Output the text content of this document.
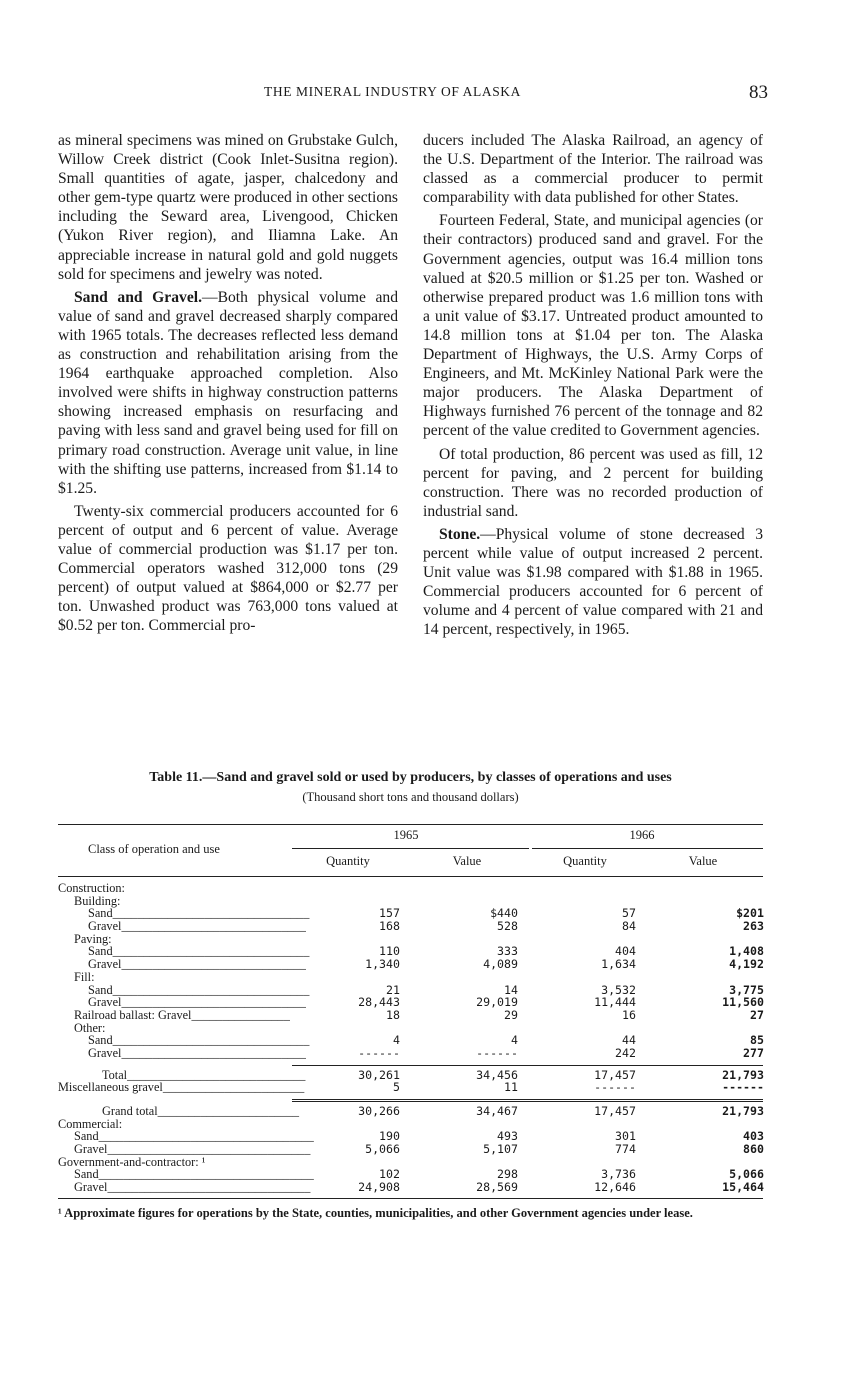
THE MINERAL INDUSTRY OF ALASKA	83

as mineral specimens was mined on Grubstake Gulch, Willow Creek district (Cook Inlet-Susitna region). Small quantities of agate, jasper, chalcedony and other gem-type quartz were produced in other sections including the Seward area, Livengood, Chicken (Yukon River region), and Iliamna Lake. An appreciable increase in natural gold and gold nuggets sold for specimens and jewelry was noted.

Sand and Gravel.—Both physical volume and value of sand and gravel decreased sharply compared with 1965 totals. The decreases reflected less demand as construction and rehabilitation arising from the 1964 earthquake approached completion. Also involved were shifts in highway construction patterns showing increased emphasis on resurfacing and paving with less sand and gravel being used for fill on primary road construction. Average unit value, in line with the shifting use patterns, increased from $1.14 to $1.25.

Twenty-six commercial producers accounted for 6 percent of output and 6 percent of value. Average value of commercial production was $1.17 per ton. Commercial operators washed 312,000 tons (29 percent) of output valued at $864,000 or $2.77 per ton. Unwashed product was 763,000 tons valued at $0.52 per ton. Commercial pro-

ducers included The Alaska Railroad, an agency of the U.S. Department of the Interior. The railroad was classed as a commercial producer to permit comparability with data published for other States.

Fourteen Federal, State, and municipal agencies (or their contractors) produced sand and gravel. For the Government agencies, output was 16.4 million tons valued at $20.5 million or $1.25 per ton. Washed or otherwise prepared product was 1.6 million tons with a unit value of $3.17. Untreated product amounted to 14.8 million tons at $1.04 per ton. The Alaska Department of Highways, the U.S. Army Corps of Engineers, and Mt. McKinley National Park were the major producers. The Alaska Department of Highways furnished 76 percent of the tonnage and 82 percent of the value credited to Government agencies.

Of total production, 86 percent was used as fill, 12 percent for paving, and 2 percent for building construction. There was no recorded production of industrial sand.

Stone.—Physical volume of stone decreased 3 percent while value of output increased 2 percent. Unit value was $1.98 compared with $1.88 in 1965. Commercial producers accounted for 6 percent of volume and 4 percent of value compared with 21 and 14 percent, respectively, in 1965.

Table 11.—Sand and gravel sold or used by producers, by classes of operations and uses
(Thousand short tons and thousand dollars)
Class of operation and use
1965	1966
Quantity	Value	Quantity	Value
Construction:
Building:
Sand________________________________	157	$440	57	$201
Gravel______________________________	168	528	84	263
Paving:
Sand________________________________	110	333	404	1,408
Gravel______________________________	1,340	4,089	1,634	4,192
Fill:
Sand________________________________	21	14	3,532	3,775
Gravel______________________________	28,443	29,019	11,444	11,560
Railroad ballast: Gravel________________	18	29	16	27
Other:
Sand________________________________	4	4	44	85
Gravel______________________________	------	------	242	277
Total_____________________________	30,261	34,456	17,457	21,793
Miscellaneous gravel_______________________	5	11	------	------
Grand total_______________________	30,266	34,467	17,457	21,793
Commercial:
Sand___________________________________	190	493	301	403
Gravel_________________________________	5,066	5,107	774	860
Government-and-contractor: ¹
Sand___________________________________	102	298	3,736	5,066
Gravel_________________________________	24,908	28,569	12,646	15,464
¹ Approximate figures for operations by the State, counties, municipalities, and other Government agencies under lease.
